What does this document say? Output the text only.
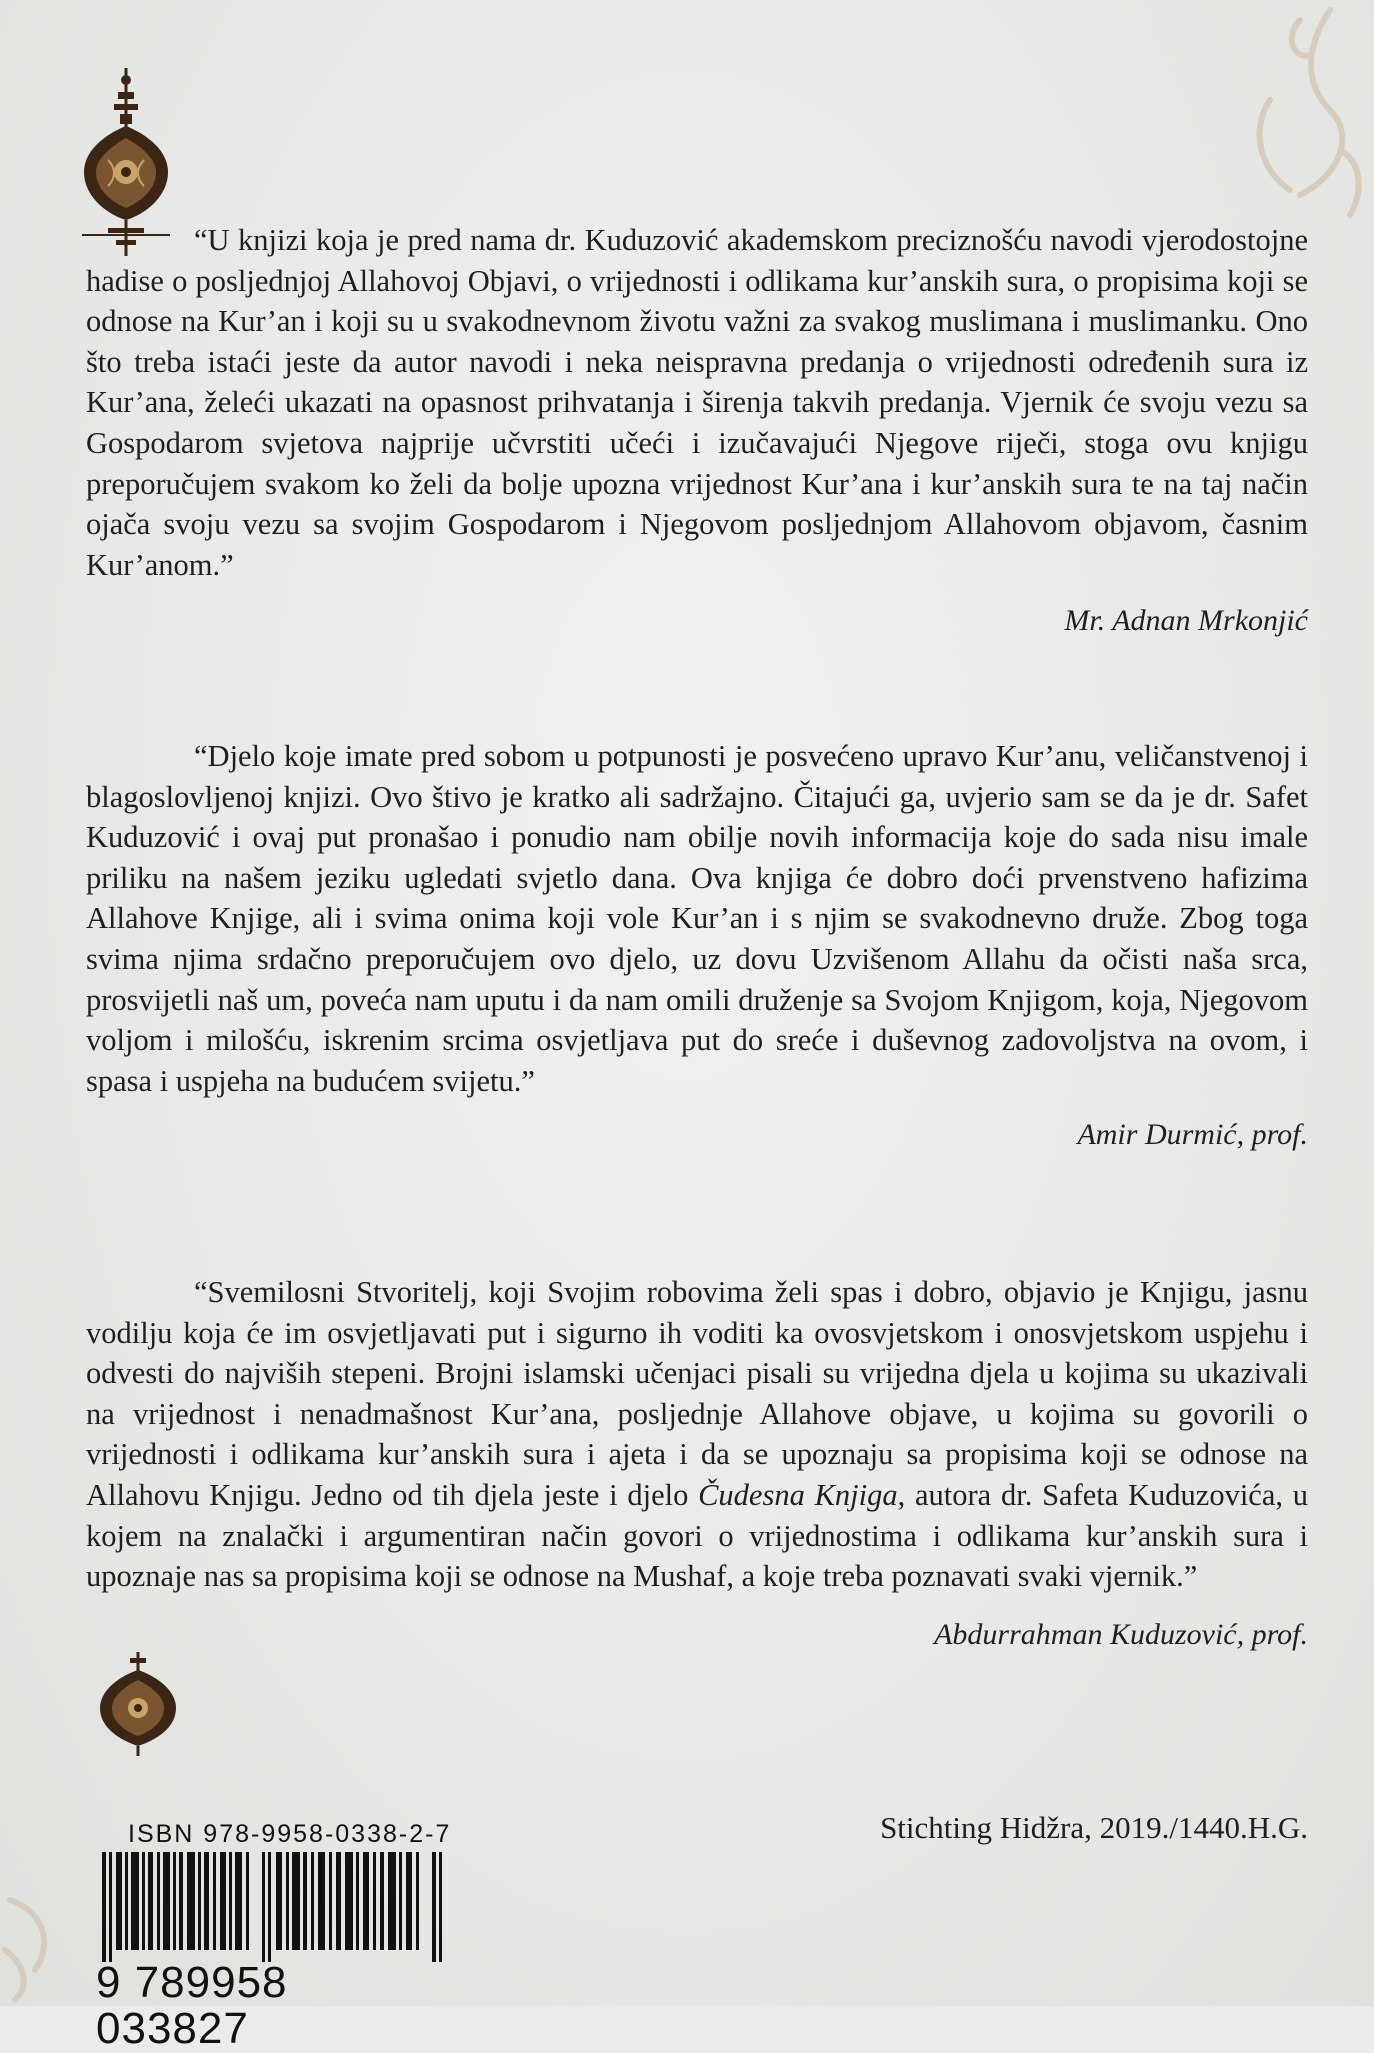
“U knjizi koja je pred nama dr. Kuduzović akademskom preciznošću navodi vjerodostojne hadise o posljednjoj Allahovoj Objavi, o vrijednosti i odlikama kur’anskih sura, o propisima koji se odnose na Kur’an i koji su u svakodnevnom životu važni za svakog muslimana i muslimanku. Ono što treba istaći jeste da autor navodi i neka neispravna predanja o vrijednosti određenih sura iz Kur’ana, želeći ukazati na opasnost prihvatanja i širenja takvih predanja. Vjernik će svoju vezu sa Gospodarom svjetova najprije učvrstiti učeći i izučavajući Njegove riječi, stoga ovu knjigu preporučujem svakom ko želi da bolje upozna vrijednost Kur’ana i kur’anskih sura te na taj način ojača svoju vezu sa svojim Gospodarom i Njegovom posljednjom Allahovom objavom, časnim Kur’anom.”

Mr. Adnan Mrkonjić

“Djelo koje imate pred sobom u potpunosti je posvećeno upravo Kur’anu, veličanstvenoj i blagoslovljenoj knjizi. Ovo štivo je kratko ali sadržajno. Čitajući ga, uvjerio sam se da je dr. Safet Kuduzović i ovaj put pronašao i ponudio nam obilje novih informacija koje do sada nisu imale priliku na našem jeziku ugledati svjetlo dana. Ova knjiga će dobro doći prvenstveno hafizima Allahove Knjige, ali i svima onima koji vole Kur’an i s njim se svakodnevno druže. Zbog toga svima njima srdačno preporučujem ovo djelo, uz dovu Uzvišenom Allahu da očisti naša srca, prosvijetli naš um, poveća nam uputu i da nam omili druženje sa Svojom Knjigom, koja, Njegovom voljom i milošću, iskrenim srcima osvjetljava put do sreće i duševnog zadovoljstva na ovom, i spasa i uspjeha na budućem svijetu.”

Amir Durmić, prof.

“Svemilosni Stvoritelj, koji Svojim robovima želi spas i dobro, objavio je Knjigu, jasnu vodilju koja će im osvjetljavati put i sigurno ih voditi ka ovosvjetskom i onosvjetskom uspjehu i odvesti do najviših stepeni. Brojni islamski učenjaci pisali su vrijedna djela u kojima su ukazivali na vrijednost i nenadmašnost Kur’ana, posljednje Allahove objave, u kojima su govorili o vrijednosti i odlikama kur’anskih sura i ajeta i da se upoznaju sa propisima koji se odnose na Allahovu Knjigu. Jedno od tih djela jeste i djelo Čudesna Knjiga, autora dr. Safeta Kuduzovića, u kojem na znalački i argumentiran način govori o vrijednostima i odlikama kur’anskih sura i upoznaje nas sa propisima koji se odnose na Mushaf, a koje treba poznavati svaki vjernik.”

Abdurrahman Kuduzović, prof.
ISBN 978-9958-0338-2-7
9 789958 033827
Stichting Hidžra, 2019./1440.H.G.
